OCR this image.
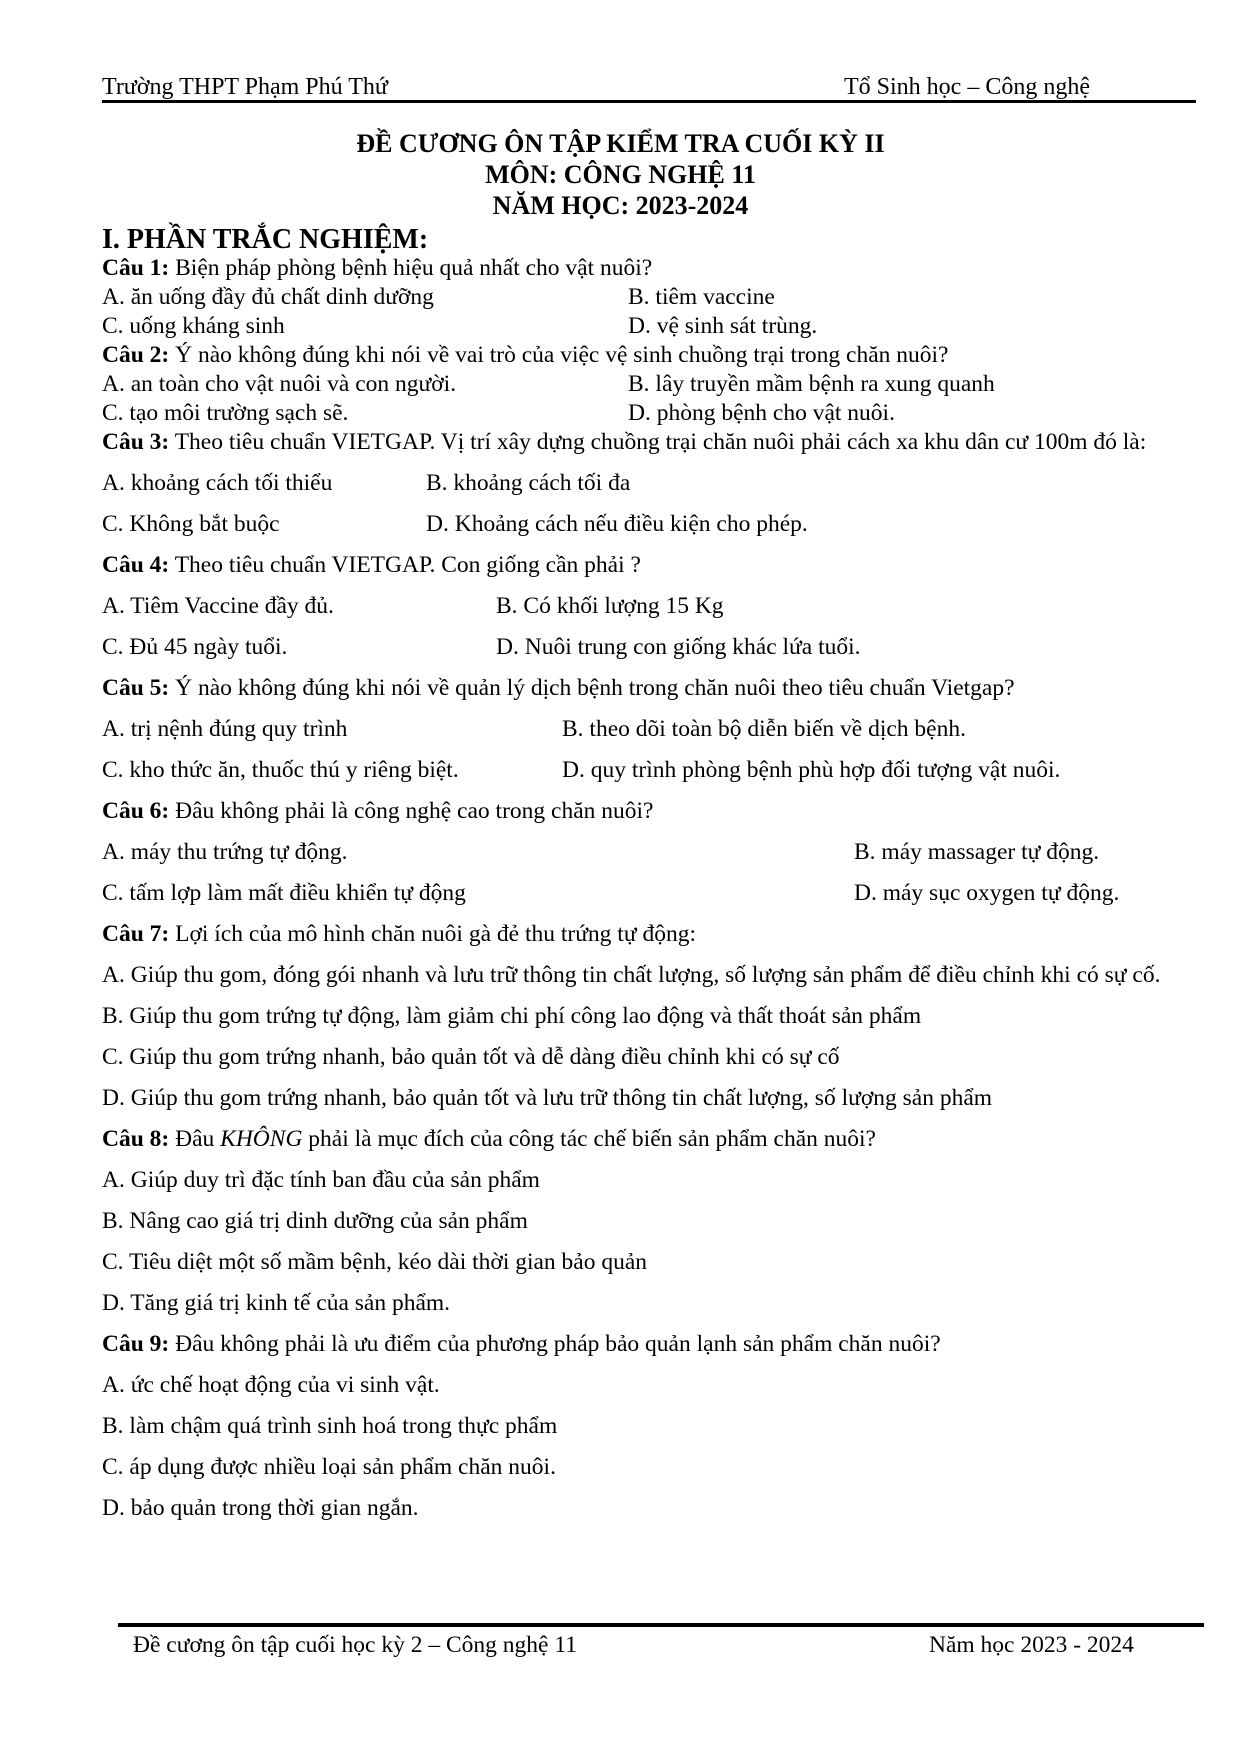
Trường THPT Phạm Phú Thứ	Tổ Sinh học – Công nghệ
ĐỀ CƯƠNG ÔN TẬP KIỂM TRA CUỐI KỲ II
MÔN: CÔNG NGHỆ 11
NĂM HỌC: 2023-2024
I. PHẦN TRẮC NGHIỆM:
Câu 1: Biện pháp phòng bệnh hiệu quả nhất cho vật nuôi?
A. ăn uống đầy đủ chất dinh dưỡng	B. tiêm vaccine
C. uống kháng sinh	D. vệ sinh sát trùng.
Câu 2: Ý nào không đúng khi nói về vai trò của việc vệ sinh chuồng trại trong chăn nuôi?
A. an toàn cho vật nuôi và con người.	B. lây truyền mầm bệnh ra xung quanh
C. tạo môi trường sạch sẽ.	D. phòng bệnh cho vật nuôi.
Câu 3: Theo tiêu chuẩn VIETGAP. Vị trí xây dựng chuồng trại chăn nuôi phải cách xa khu dân cư 100m đó là:
A. khoảng cách tối thiểu	B. khoảng cách tối đa
C. Không bắt buộc	D. Khoảng cách nếu điều kiện cho phép.
Câu 4: Theo tiêu chuẩn VIETGAP. Con giống cần phải ?
A. Tiêm Vaccine đầy đủ.	B. Có khối lượng 15 Kg
C. Đủ 45 ngày tuổi.	D. Nuôi trung con giống khác lứa tuổi.
Câu 5: Ý nào không đúng khi nói về quản lý dịch bệnh trong chăn nuôi theo tiêu chuẩn Vietgap?
A. trị nệnh đúng quy trình	B. theo dõi toàn bộ diễn biến về dịch bệnh.
C. kho thức ăn, thuốc thú y riêng biệt.	D. quy trình phòng bệnh phù hợp đối tượng vật nuôi.
Câu 6: Đâu không phải là công nghệ cao trong chăn nuôi?
A. máy thu trứng tự động.	B. máy massager tự động.
C. tấm lợp làm mất điều khiển tự động	D. máy sục oxygen tự động.
Câu 7: Lợi ích của mô hình chăn nuôi gà đẻ thu trứng tự động:
A. Giúp thu gom, đóng gói nhanh và lưu trữ thông tin chất lượng, số lượng sản phẩm để điều chỉnh khi có sự cố.
B. Giúp thu gom trứng tự động, làm giảm chi phí công lao động và thất thoát sản phẩm
C. Giúp thu gom trứng nhanh, bảo quản tốt và dễ dàng điều chỉnh khi có sự cố
D. Giúp thu gom trứng nhanh, bảo quản tốt và lưu trữ thông tin chất lượng, số lượng sản phẩm
Câu 8: Đâu KHÔNG phải là mục đích của công tác chế biến sản phẩm chăn nuôi?
A. Giúp duy trì đặc tính ban đầu của sản phẩm
B. Nâng cao giá trị dinh dưỡng của sản phẩm
C. Tiêu diệt một số mầm bệnh, kéo dài thời gian bảo quản
D. Tăng giá trị kinh tế của sản phẩm.
Câu 9: Đâu không phải là ưu điểm của phương pháp bảo quản lạnh sản phẩm chăn nuôi?
A. ức chế hoạt động của vi sinh vật.
B. làm chậm quá trình sinh hoá trong thực phẩm
C. áp dụng được nhiều loại sản phẩm chăn nuôi.
D. bảo quản trong thời gian ngắn.
Đề cương ôn tập cuối học kỳ 2 – Công nghệ 11	Năm học 2023 - 2024
